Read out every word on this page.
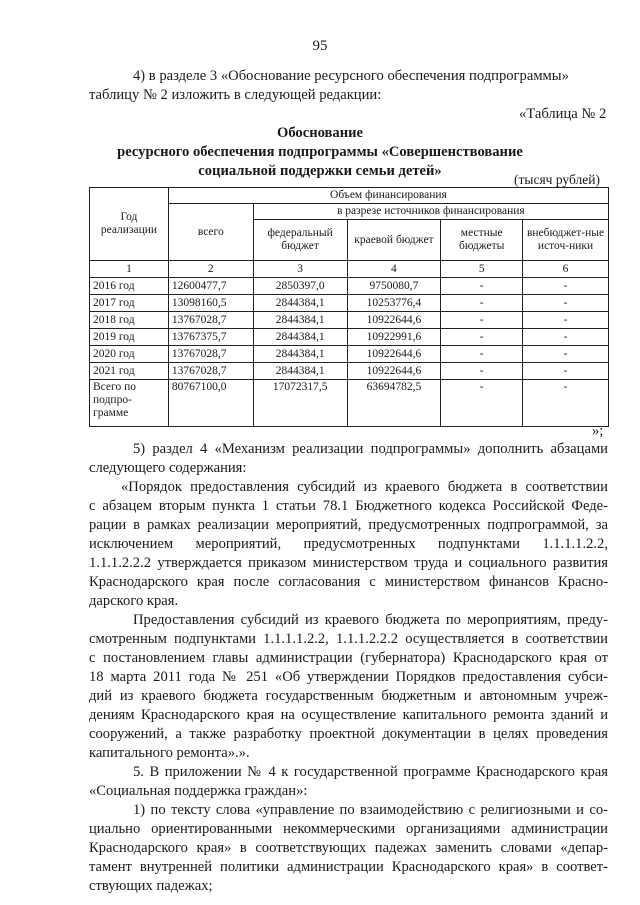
95
4) в разделе 3 «Обоснование ресурсного обеспечения подпрограммы»
таблицу № 2 изложить в следующей редакции:
«Таблица № 2
Обоснование
ресурсного обеспечения подпрограммы «Совершенствование
социальной поддержки семьи детей»
(тысяч рублей)
Год реализации	Объем финансирования				
	всего	в разрезе источников финансирования			
		федеральный бюджет	краевой бюджет	местные бюджеты	внебюджет-ные источ-ники
1	2	3	4	5	6
2016 год	12600477,7	2850397,0	9750080,7	-	-
2017 год	13098160,5	2844384,1	10253776,4	-	-
2018 год	13767028,7	2844384,1	10922644,6	-	-
2019 год	13767375,7	2844384,1	10922991,6	-	-
2020 год	13767028,7	2844384,1	10922644,6	-	-
2021 год	13767028,7	2844384,1	10922644,6	-	-
Всего по подпро-грамме	80767100,0	17072317,5	63694782,5	-	-
»;
5) раздел 4 «Механизм реализации подпрограммы» дополнить абзацами
следующего содержания:
«Порядок предоставления субсидий из краевого бюджета в соответствии
с абзацем вторым пункта 1 статьи 78.1 Бюджетного кодекса Российской Феде-
рации в рамках реализации мероприятий, предусмотренных подпрограммой, за
исключением мероприятий, предусмотренных подпунктами 1.1.1.1.2.2,
1.1.1.2.2.2 утверждается приказом министерством труда и социального развития
Краснодарского края после согласования с министерством финансов Красно-
дарского края.
Предоставления субсидий из краевого бюджета по мероприятиям, преду-
смотренным подпунктами 1.1.1.1.2.2, 1.1.1.2.2.2 осуществляется в соответствии
с постановлением главы администрации (губернатора) Краснодарского края от
18 марта 2011 года № 251 «Об утверждении Порядков предоставления субси-
дий из краевого бюджета государственным бюджетным и автономным учреж-
дениям Краснодарского края на осуществление капитального ремонта зданий и
сооружений, а также разработку проектной документации в целях проведения
капитального ремонта».».
5. В приложении № 4 к государственной программе Краснодарского края
«Социальная поддержка граждан»:
1) по тексту слова «управление по взаимодействию с религиозными и со-
циально ориентированными некоммерческими организациями администрации
Краснодарского края» в соответствующих падежах заменить словами «депар-
тамент внутренней политики администрации Краснодарского края» в соответ-
ствующих падежах;
